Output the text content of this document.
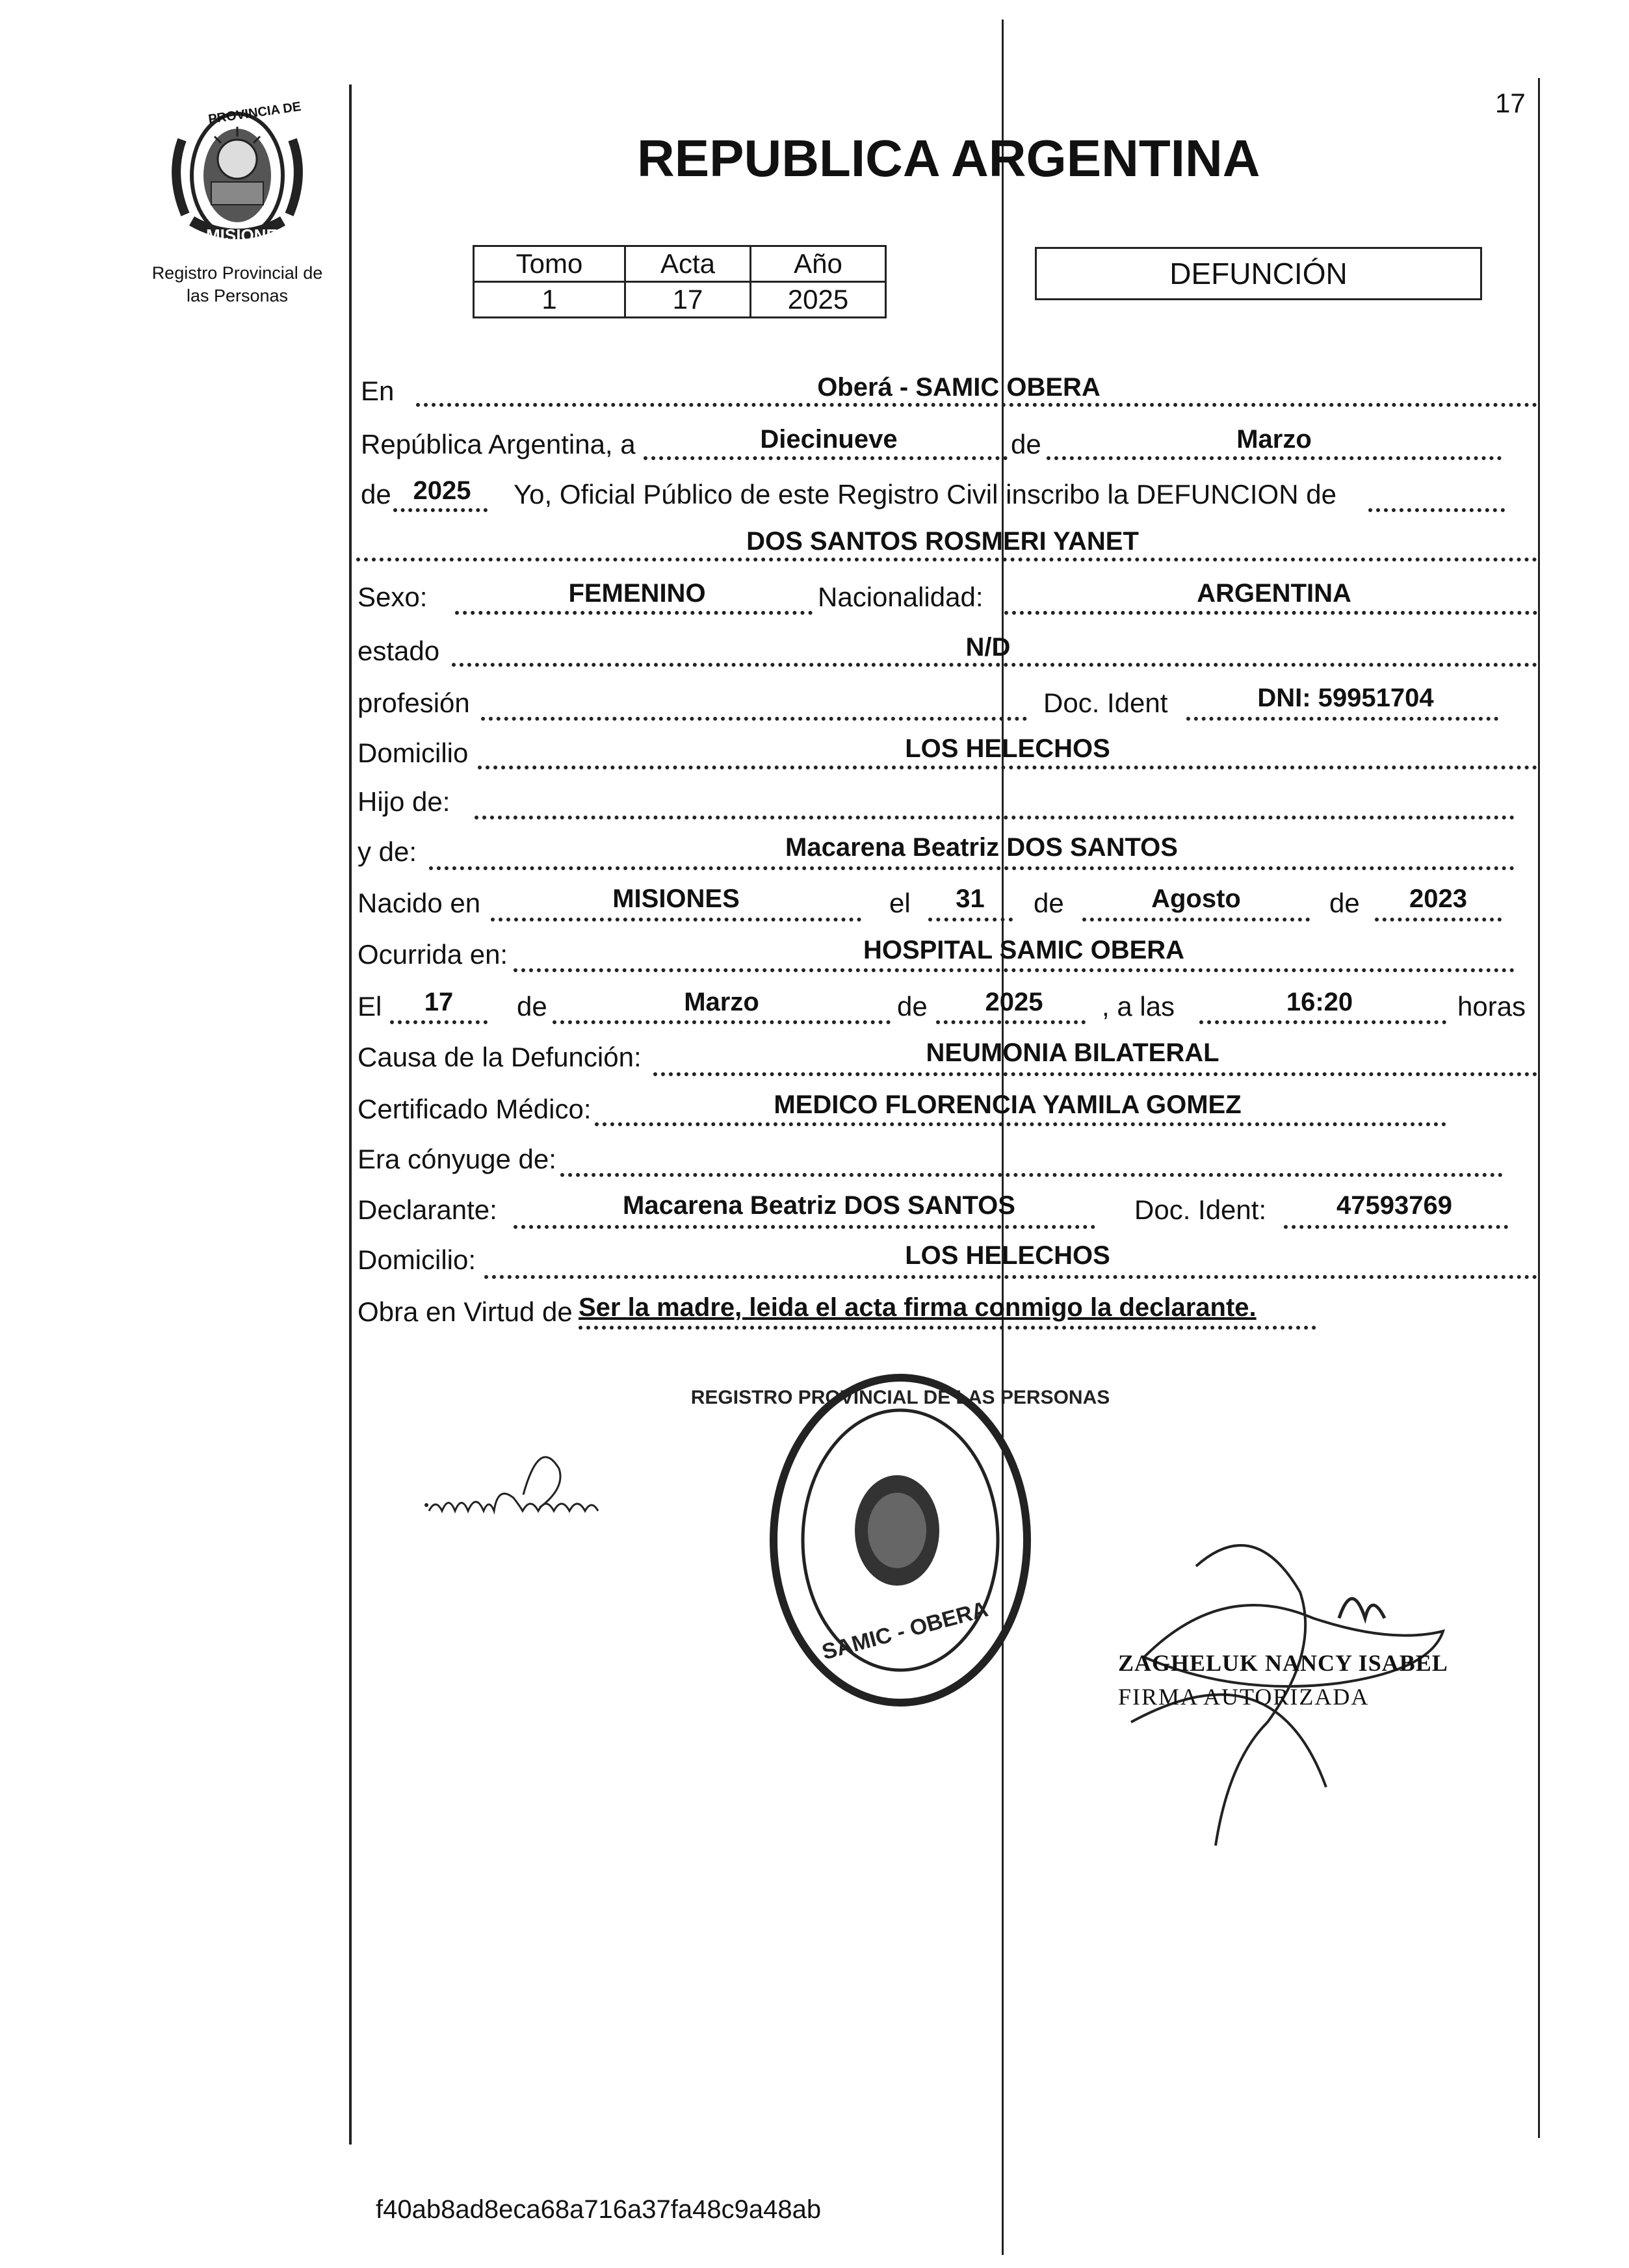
17
PROVINCIA DE
MISIONES
Registro Provincial de
las Personas
REPUBLICA ARGENTINA
Tomo	Acta	Año
1	17	2025
DEFUNCIÓN
En	Oberá - SAMIC OBERA
República Argentina, a	Diecinueve	de	Marzo
de 2025	Yo, Oficial Público de este Registro Civil inscribo la DEFUNCION de
DOS SANTOS ROSMERI YANET
Sexo:	FEMENINO	Nacionalidad:	ARGENTINA
estado	N/D
profesión	Doc. Ident	DNI: 59951704
Domicilio	LOS HELECHOS
Hijo de:
y de:	Macarena Beatriz DOS SANTOS
Nacido en	MISIONES	el	31	de	Agosto	de	2023
Ocurrida en:	HOSPITAL SAMIC OBERA
El	17	de	Marzo	de	2025	, a las	16:20	horas
Causa de la Defunción:	NEUMONIA BILATERAL
Certificado Médico:	MEDICO FLORENCIA YAMILA GOMEZ
Era cónyuge de:
Declarante:	Macarena Beatriz DOS SANTOS	Doc. Ident:	47593769
Domicilio:	LOS HELECHOS
Obra en Virtud de Ser la madre, leida el acta firma conmigo la declarante.
REGISTRO PROVINCIAL DE LAS PERSONAS
SAMIC - OBERA	ZAGHELUK NANCY ISABEL
FIRMA AUTORIZADA
f40ab8ad8eca68a716a37fa48c9a48ab
